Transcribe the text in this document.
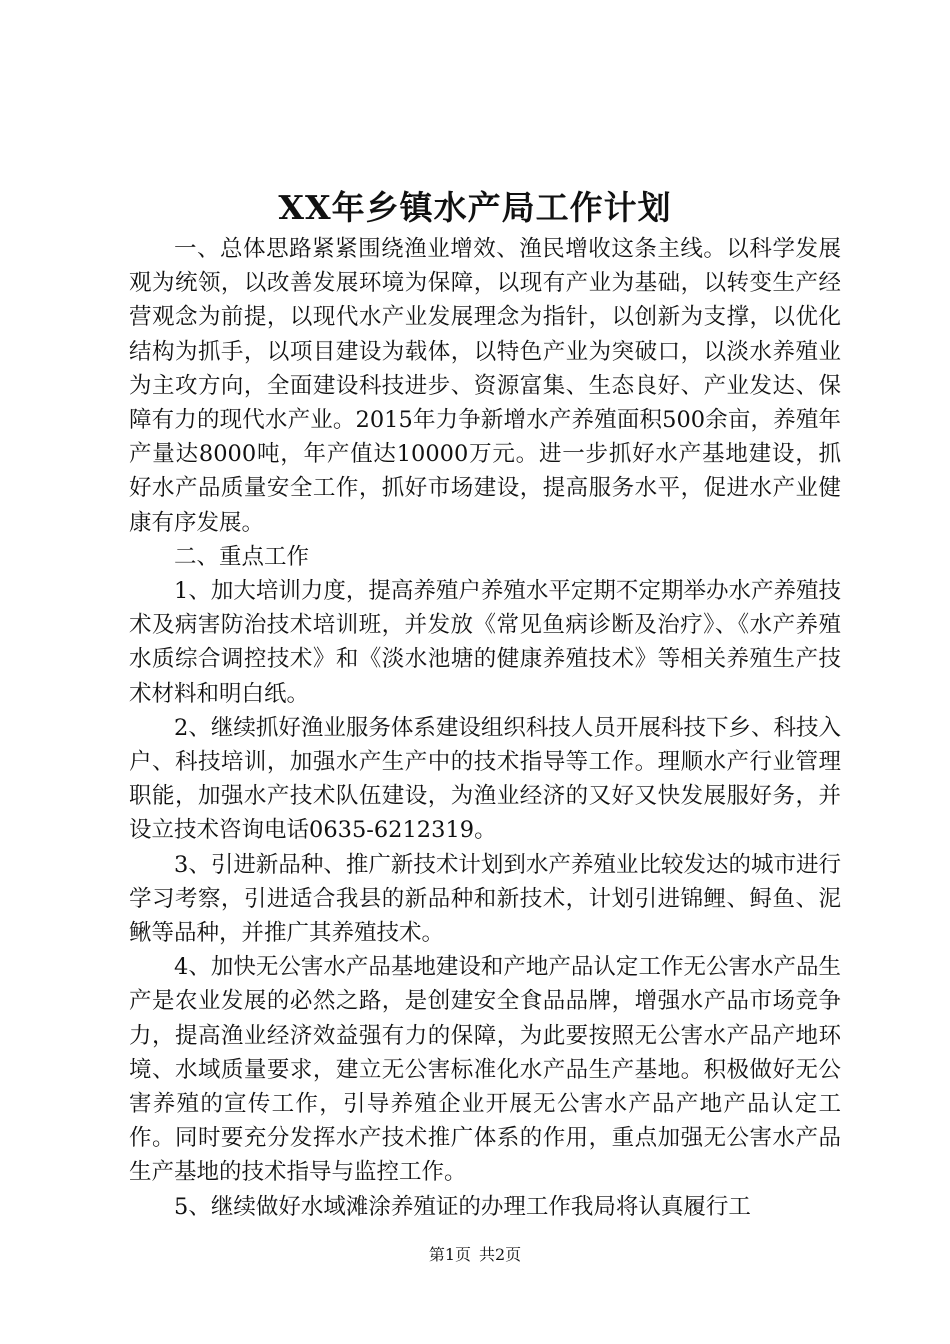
XX年乡镇水产局工作计划

一、总体思路紧紧围绕渔业增效、渔民增收这条主线。以科学发展观为统领，以改善发展环境为保障，以现有产业为基础，以转变生产经营观念为前提，以现代水产业发展理念为指针，以创新为支撑，以优化结构为抓手，以项目建设为载体，以特色产业为突破口，以淡水养殖业为主攻方向，全面建设科技进步、资源富集、生态良好、产业发达、保障有力的现代水产业。2015年力争新增水产养殖面积500余亩，养殖年产量达8000吨，年产值达10000万元。进一步抓好水产基地建设，抓好水产品质量安全工作，抓好市场建设，提高服务水平，促进水产业健康有序发展。

二、重点工作

1、加大培训力度，提高养殖户养殖水平定期不定期举办水产养殖技术及病害防治技术培训班，并发放《常见鱼病诊断及治疗》、《水产养殖水质综合调控技术》和《淡水池塘的健康养殖技术》等相关养殖生产技术材料和明白纸。

2、继续抓好渔业服务体系建设组织科技人员开展科技下乡、科技入户、科技培训，加强水产生产中的技术指导等工作。理顺水产行业管理职能，加强水产技术队伍建设，为渔业经济的又好又快发展服好务，并设立技术咨询电话0635-6212319。

3、引进新品种、推广新技术计划到水产养殖业比较发达的城市进行学习考察，引进适合我县的新品种和新技术，计划引进锦鲤、鲟鱼、泥鳅等品种，并推广其养殖技术。

4、加快无公害水产品基地建设和产地产品认定工作无公害水产品生产是农业发展的必然之路，是创建安全食品品牌，增强水产品市场竞争力，提高渔业经济效益强有力的保障，为此要按照无公害水产品产地环境、水域质量要求，建立无公害标准化水产品生产基地。积极做好无公害养殖的宣传工作，引导养殖企业开展无公害水产品产地产品认定工作。同时要充分发挥水产技术推广体系的作用，重点加强无公害水产品生产基地的技术指导与监控工作。

5、继续做好水域滩涂养殖证的办理工作我局将认真履行工

第1页 共2页
